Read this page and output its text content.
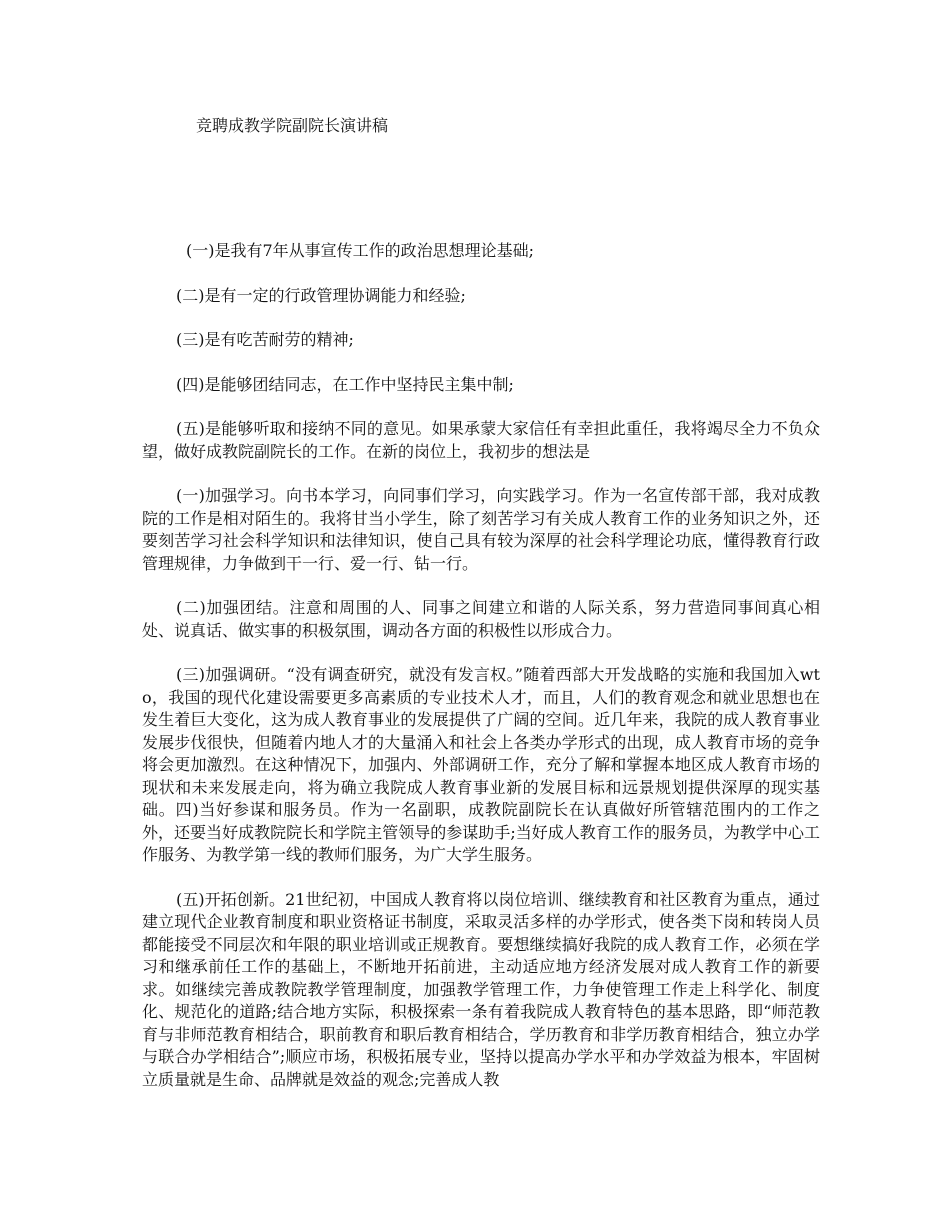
竞聘成教学院副院长演讲稿

(一)是我有7年从事宣传工作的政治思想理论基础;

(二)是有一定的行政管理协调能力和经验;

(三)是有吃苦耐劳的精神;

(四)是能够团结同志，在工作中坚持民主集中制;

(五)是能够听取和接纳不同的意见。如果承蒙大家信任有幸担此重任，我将竭尽全力不负众望，做好成教院副院长的工作。在新的岗位上，我初步的想法是

(一)加强学习。向书本学习，向同事们学习，向实践学习。作为一名宣传部干部，我对成教院的工作是相对陌生的。我将甘当小学生，除了刻苦学习有关成人教育工作的业务知识之外，还要刻苦学习社会科学知识和法律知识，使自己具有较为深厚的社会科学理论功底，懂得教育行政管理规律，力争做到干一行、爱一行、钻一行。

(二)加强团结。注意和周围的人、同事之间建立和谐的人际关系，努力营造同事间真心相处、说真话、做实事的积极氛围，调动各方面的积极性以形成合力。

(三)加强调研。“没有调查研究，就没有发言权。”随着西部大开发战略的实施和我国加入wto，我国的现代化建设需要更多高素质的专业技术人才，而且，人们的教育观念和就业思想也在发生着巨大变化，这为成人教育事业的发展提供了广阔的空间。近几年来，我院的成人教育事业发展步伐很快，但随着内地人才的大量涌入和社会上各类办学形式的出现，成人教育市场的竞争将会更加激烈。在这种情况下，加强内、外部调研工作，充分了解和掌握本地区成人教育市场的现状和未来发展走向，将为确立我院成人教育事业新的发展目标和远景规划提供深厚的现实基础。四)当好参谋和服务员。作为一名副职，成教院副院长在认真做好所管辖范围内的工作之外，还要当好成教院院长和学院主管领导的参谋助手;当好成人教育工作的服务员，为教学中心工作服务、为教学第一线的教师们服务，为广大学生服务。

(五)开拓创新。21世纪初，中国成人教育将以岗位培训、继续教育和社区教育为重点，通过建立现代企业教育制度和职业资格证书制度，采取灵活多样的办学形式，使各类下岗和转岗人员都能接受不同层次和年限的职业培训或正规教育。要想继续搞好我院的成人教育工作，必须在学习和继承前任工作的基础上，不断地开拓前进，主动适应地方经济发展对成人教育工作的新要求。如继续完善成教院教学管理制度，加强教学管理工作，力争使管理工作走上科学化、制度化、规范化的道路;结合地方实际，积极探索一条有着我院成人教育特色的基本思路，即“师范教育与非师范教育相结合，职前教育和职后教育相结合，学历教育和非学历教育相结合，独立办学与联合办学相结合”;顺应市场，积极拓展专业，坚持以提高办学水平和办学效益为根本，牢固树立质量就是生命、品牌就是效益的观念;完善成人教
